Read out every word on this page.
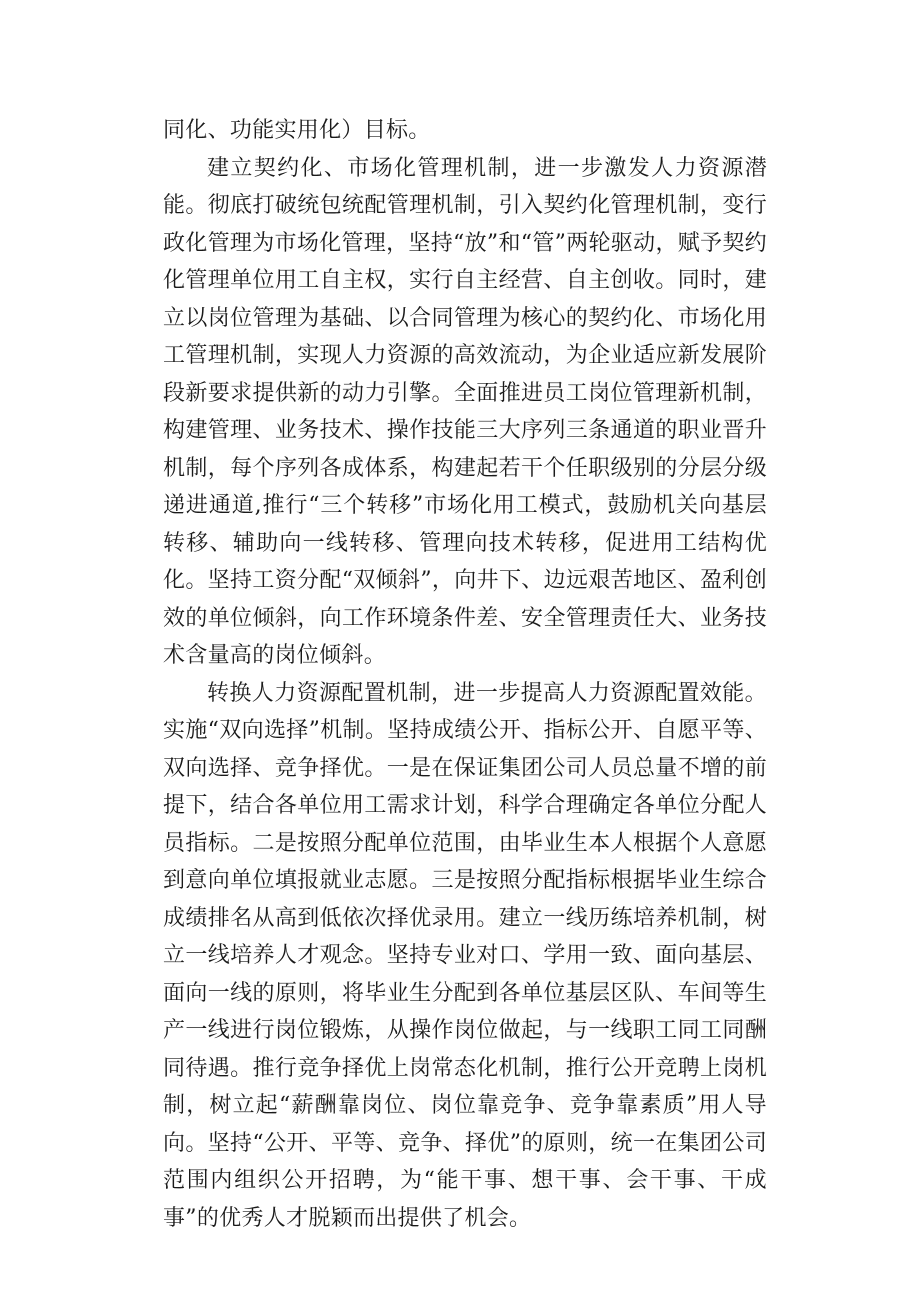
同化、功能实用化）目标。

建立契约化、市场化管理机制，进一步激发人力资源潜能。彻底打破统包统配管理机制，引入契约化管理机制，变行政化管理为市场化管理，坚持“放”和“管”两轮驱动，赋予契约化管理单位用工自主权，实行自主经营、自主创收。同时，建立以岗位管理为基础、以合同管理为核心的契约化、市场化用工管理机制，实现人力资源的高效流动，为企业适应新发展阶段新要求提供新的动力引擎。全面推进员工岗位管理新机制，构建管理、业务技术、操作技能三大序列三条通道的职业晋升机制，每个序列各成体系，构建起若干个任职级别的分层分级递进通道,推行“三个转移”市场化用工模式，鼓励机关向基层转移、辅助向一线转移、管理向技术转移，促进用工结构优化。坚持工资分配“双倾斜”，向井下、边远艰苦地区、盈利创效的单位倾斜，向工作环境条件差、安全管理责任大、业务技术含量高的岗位倾斜。

转换人力资源配置机制，进一步提高人力资源配置效能。实施“双向选择”机制。坚持成绩公开、指标公开、自愿平等、双向选择、竞争择优。一是在保证集团公司人员总量不增的前提下，结合各单位用工需求计划，科学合理确定各单位分配人员指标。二是按照分配单位范围，由毕业生本人根据个人意愿到意向单位填报就业志愿。三是按照分配指标根据毕业生综合成绩排名从高到低依次择优录用。建立一线历练培养机制，树立一线培养人才观念。坚持专业对口、学用一致、面向基层、面向一线的原则，将毕业生分配到各单位基层区队、车间等生产一线进行岗位锻炼，从操作岗位做起，与一线职工同工同酬同待遇。推行竞争择优上岗常态化机制，推行公开竞聘上岗机制，树立起“薪酬靠岗位、岗位靠竞争、竞争靠素质”用人导向。坚持“公开、平等、竞争、择优”的原则，统一在集团公司范围内组织公开招聘，为“能干事、想干事、会干事、干成事”的优秀人才脱颖而出提供了机会。
